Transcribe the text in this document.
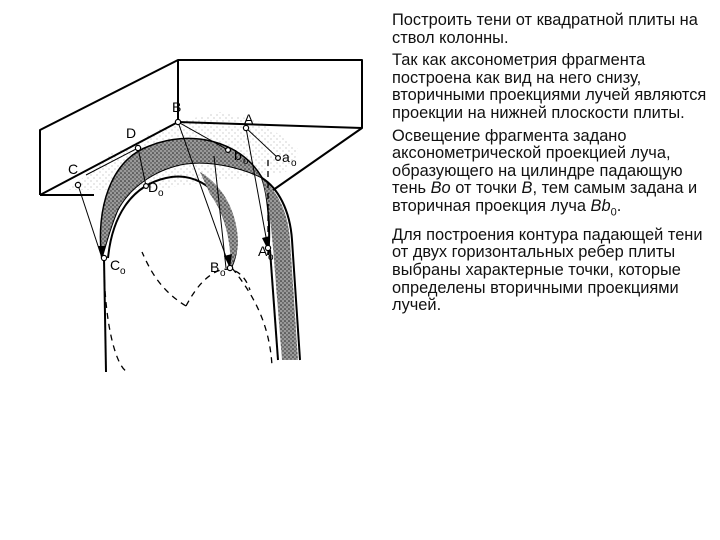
B
A
D
C
b o a o
D o
C o	B o
A o

Построить тени от квадратной плиты на ствол колонны.

Так как аксонометрия фрагмента построена как вид на него снизу, вторичными проекциями лучей являются проекции на нижней плоскости плиты.

Освещение фрагмента задано аксонометрической проекцией луча, образующего на цилиндре падающую тень Bo от точки B, тем самым задана и вторичная проекция луча $Bb_0$.

Для построения контура падающей тени от двух горизонтальных ребер плиты выбраны характерные точки, которые определены вторичными проекциями лучей.
